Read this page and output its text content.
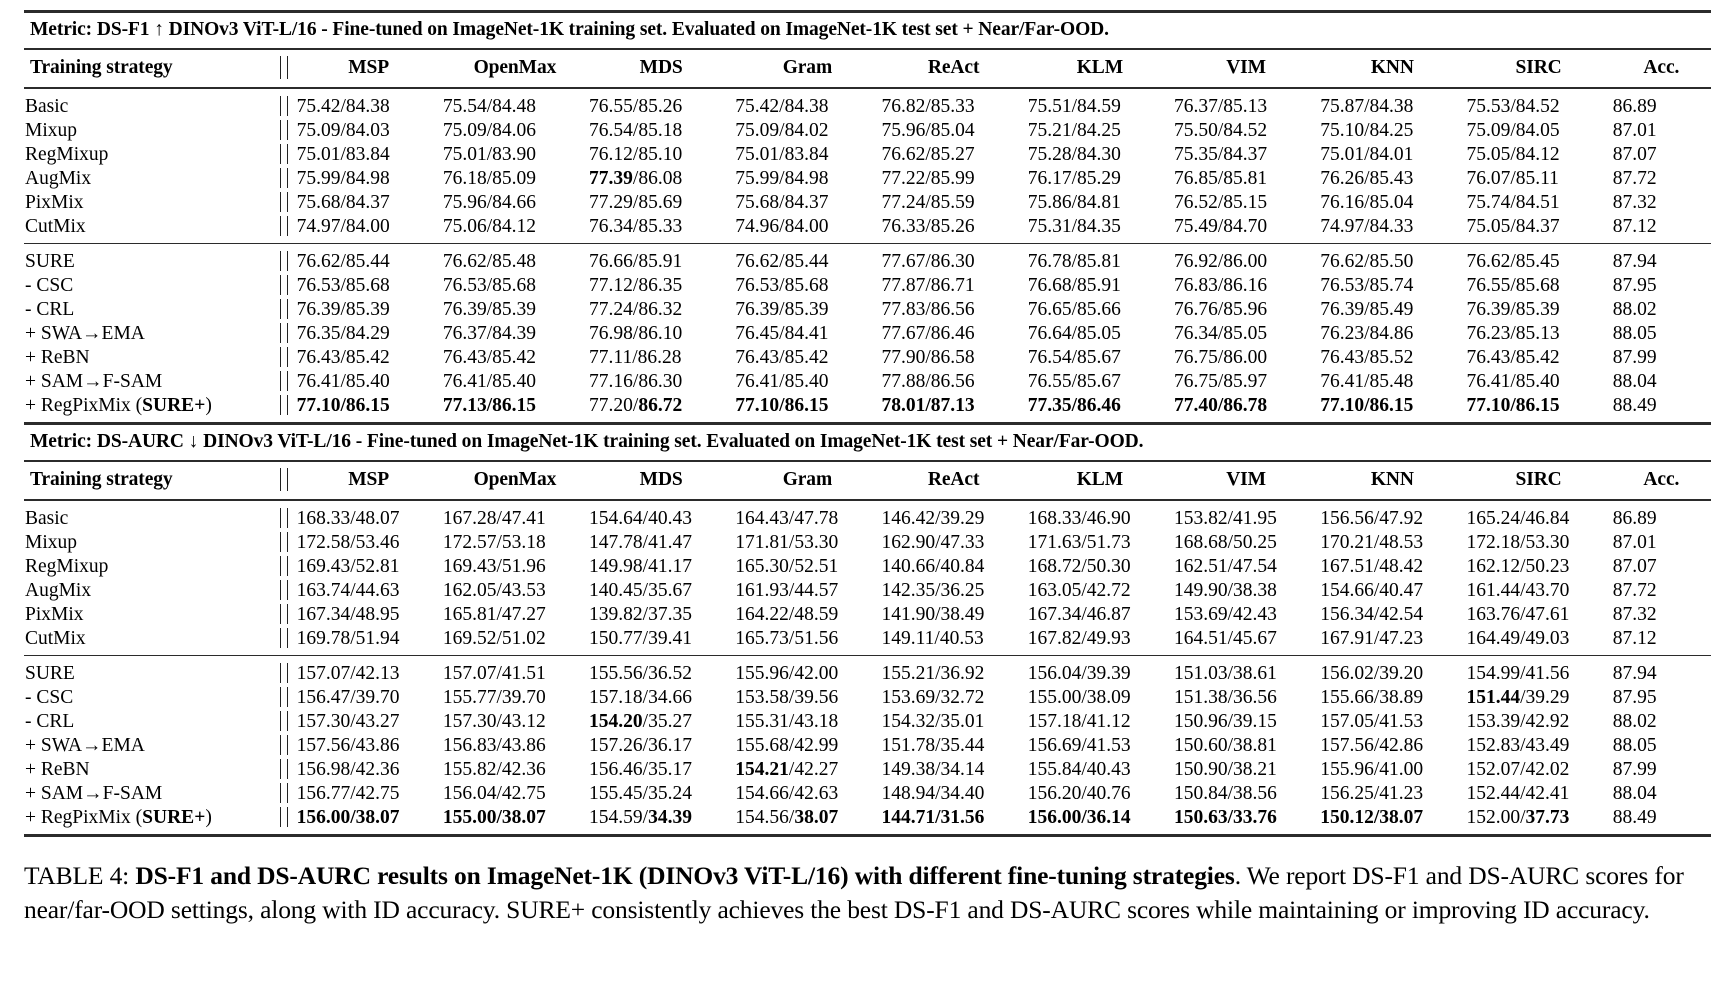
Metric: DS-F1 ↑ DINOv3 ViT-L/16 - Fine-tuned on ImageNet-1K training set. Evaluated on ImageNet-1K test set + Near/Far-OOD.											

Training strategy		MSP	OpenMax	MDS	Gram	ReAct	KLM	VIM	KNN	SIRC	Acc.

Basic		75.42/84.38	75.54/84.48	76.55/85.26	75.42/84.38	76.82/85.33	75.51/84.59	76.37/85.13	75.87/84.38	75.53/84.52	86.89
Mixup		75.09/84.03	75.09/84.06	76.54/85.18	75.09/84.02	75.96/85.04	75.21/84.25	75.50/84.52	75.10/84.25	75.09/84.05	87.01
RegMixup		75.01/83.84	75.01/83.90	76.12/85.10	75.01/83.84	76.62/85.27	75.28/84.30	75.35/84.37	75.01/84.01	75.05/84.12	87.07
AugMix		75.99/84.98	76.18/85.09	77.39/86.08	75.99/84.98	77.22/85.99	76.17/85.29	76.85/85.81	76.26/85.43	76.07/85.11	87.72
PixMix		75.68/84.37	75.96/84.66	77.29/85.69	75.68/84.37	77.24/85.59	75.86/84.81	76.52/85.15	76.16/85.04	75.74/84.51	87.32
CutMix		74.97/84.00	75.06/84.12	76.34/85.33	74.96/84.00	76.33/85.26	75.31/84.35	75.49/84.70	74.97/84.33	75.05/84.37	87.12

SURE		76.62/85.44	76.62/85.48	76.66/85.91	76.62/85.44	77.67/86.30	76.78/85.81	76.92/86.00	76.62/85.50	76.62/85.45	87.94
- CSC		76.53/85.68	76.53/85.68	77.12/86.35	76.53/85.68	77.87/86.71	76.68/85.91	76.83/86.16	76.53/85.74	76.55/85.68	87.95
- CRL		76.39/85.39	76.39/85.39	77.24/86.32	76.39/85.39	77.83/86.56	76.65/85.66	76.76/85.96	76.39/85.49	76.39/85.39	88.02
+ SWA→EMA		76.35/84.29	76.37/84.39	76.98/86.10	76.45/84.41	77.67/86.46	76.64/85.05	76.34/85.05	76.23/84.86	76.23/85.13	88.05
+ ReBN		76.43/85.42	76.43/85.42	77.11/86.28	76.43/85.42	77.90/86.58	76.54/85.67	76.75/86.00	76.43/85.52	76.43/85.42	87.99
+ SAM→F-SAM		76.41/85.40	76.41/85.40	77.16/86.30	76.41/85.40	77.88/86.56	76.55/85.67	76.75/85.97	76.41/85.48	76.41/85.40	88.04
+ RegPixMix (SURE+)		77.10/86.15	77.13/86.15	77.20/86.72	77.10/86.15	78.01/87.13	77.35/86.46	77.40/86.78	77.10/86.15	77.10/86.15	88.49

Metric: DS-AURC ↓ DINOv3 ViT-L/16 - Fine-tuned on ImageNet-1K training set. Evaluated on ImageNet-1K test set + Near/Far-OOD.											

Training strategy		MSP	OpenMax	MDS	Gram	ReAct	KLM	VIM	KNN	SIRC	Acc.

Basic		168.33/48.07	167.28/47.41	154.64/40.43	164.43/47.78	146.42/39.29	168.33/46.90	153.82/41.95	156.56/47.92	165.24/46.84	86.89
Mixup		172.58/53.46	172.57/53.18	147.78/41.47	171.81/53.30	162.90/47.33	171.63/51.73	168.68/50.25	170.21/48.53	172.18/53.30	87.01
RegMixup		169.43/52.81	169.43/51.96	149.98/41.17	165.30/52.51	140.66/40.84	168.72/50.30	162.51/47.54	167.51/48.42	162.12/50.23	87.07
AugMix		163.74/44.63	162.05/43.53	140.45/35.67	161.93/44.57	142.35/36.25	163.05/42.72	149.90/38.38	154.66/40.47	161.44/43.70	87.72
PixMix		167.34/48.95	165.81/47.27	139.82/37.35	164.22/48.59	141.90/38.49	167.34/46.87	153.69/42.43	156.34/42.54	163.76/47.61	87.32
CutMix		169.78/51.94	169.52/51.02	150.77/39.41	165.73/51.56	149.11/40.53	167.82/49.93	164.51/45.67	167.91/47.23	164.49/49.03	87.12

SURE		157.07/42.13	157.07/41.51	155.56/36.52	155.96/42.00	155.21/36.92	156.04/39.39	151.03/38.61	156.02/39.20	154.99/41.56	87.94
- CSC		156.47/39.70	155.77/39.70	157.18/34.66	153.58/39.56	153.69/32.72	155.00/38.09	151.38/36.56	155.66/38.89	151.44/39.29	87.95
- CRL		157.30/43.27	157.30/43.12	154.20/35.27	155.31/43.18	154.32/35.01	157.18/41.12	150.96/39.15	157.05/41.53	153.39/42.92	88.02
+ SWA→EMA		157.56/43.86	156.83/43.86	157.26/36.17	155.68/42.99	151.78/35.44	156.69/41.53	150.60/38.81	157.56/42.86	152.83/43.49	88.05
+ ReBN		156.98/42.36	155.82/42.36	156.46/35.17	154.21/42.27	149.38/34.14	155.84/40.43	150.90/38.21	155.96/41.00	152.07/42.02	87.99
+ SAM→F-SAM		156.77/42.75	156.04/42.75	155.45/35.24	154.66/42.63	148.94/34.40	156.20/40.76	150.84/38.56	156.25/41.23	152.44/42.41	88.04
+ RegPixMix (SURE+)		156.00/38.07	155.00/38.07	154.59/34.39	154.56/38.07	144.71/31.56	156.00/36.14	150.63/33.76	150.12/38.07	152.00/37.73	88.49

TABLE 4: DS-F1 and DS-AURC results on ImageNet-1K (DINOv3 ViT-L/16) with different fine-tuning strategies. We report DS-F1 and DS-AURC scores for near/far-OOD settings, along with ID accuracy. SURE+ consistently achieves the best DS-F1 and DS-AURC scores while maintaining or improving ID accuracy.
